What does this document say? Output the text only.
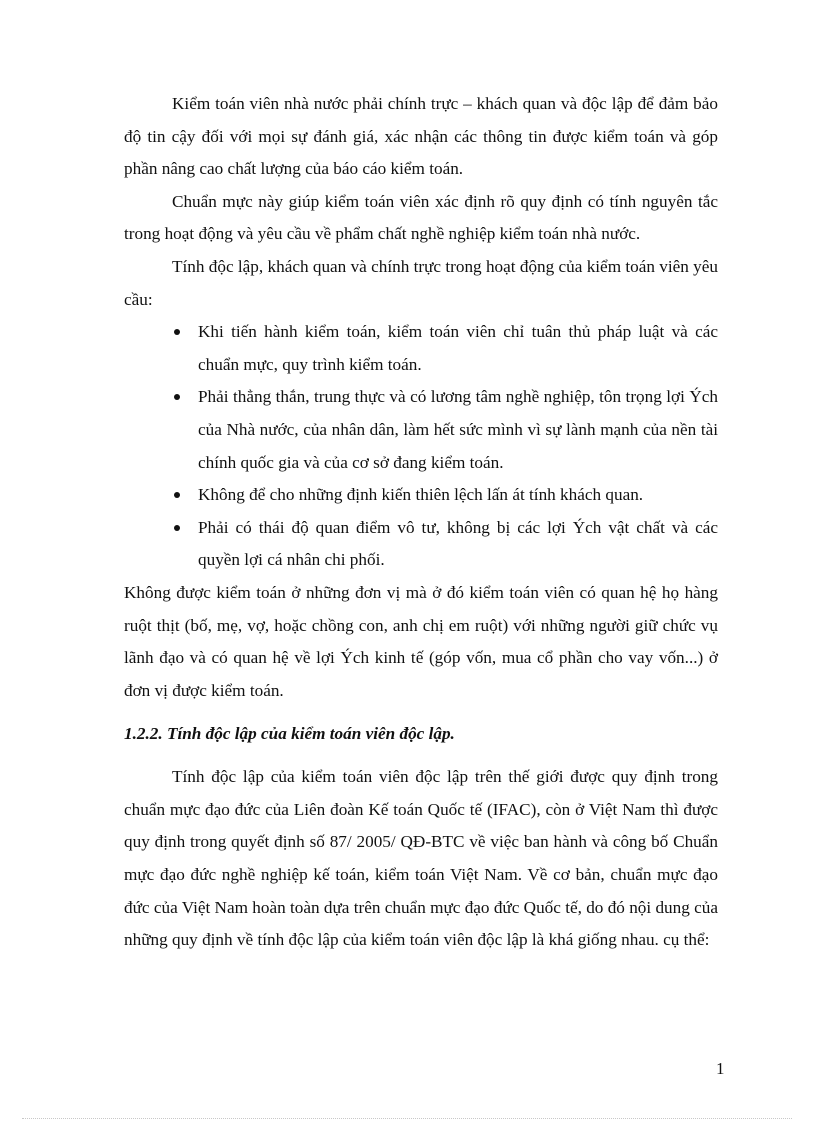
Kiểm toán viên nhà nước phải chính trực – khách quan và độc lập để đảm bảo độ tin cậy đối với mọi sự đánh giá, xác nhận các thông tin được kiểm toán và góp phần nâng cao chất lượng của báo cáo kiểm toán.

Chuẩn mực này giúp kiểm toán viên xác định rõ quy định có tính nguyên tắc trong hoạt động và yêu cầu về phẩm chất nghề nghiệp kiểm toán nhà nước.

Tính độc lập, khách quan và chính trực trong hoạt động của kiểm toán viên yêu cầu:

Khi tiến hành kiểm toán, kiểm toán viên chỉ tuân thủ pháp luật và các chuẩn mực, quy trình kiểm toán.
Phải thẳng thắn, trung thực và có lương tâm nghề nghiệp, tôn trọng lợi Ých của Nhà nước, của nhân dân, làm hết sức mình vì sự lành mạnh của nền tài chính quốc gia và của cơ sở đang kiểm toán.
Không để cho những định kiến thiên lệch lấn át tính khách quan.
Phải có thái độ quan điểm vô tư, không bị các lợi Ých vật chất và các quyền lợi cá nhân chi phối.

Không được kiểm toán ở những đơn vị mà ở đó kiểm toán viên có quan hệ họ hàng ruột thịt (bố, mẹ, vợ, hoặc chồng con, anh chị em ruột) với những người giữ chức vụ lãnh đạo và có quan hệ về lợi Ých kinh tế (góp vốn, mua cổ phần cho vay vốn...) ở đơn vị được kiểm toán.

1.2.2. Tính độc lập của kiểm toán viên độc lập.

Tính độc lập của kiểm toán viên độc lập trên thế giới được quy định trong chuẩn mực đạo đức của Liên đoàn Kế toán Quốc tế (IFAC), còn ở Việt Nam thì được quy định trong quyết định số 87/ 2005/ QĐ-BTC về việc ban hành và công bố Chuẩn mực đạo đức nghề nghiệp kế toán, kiểm toán Việt Nam. Về cơ bản, chuẩn mực đạo đức của Việt Nam hoàn toàn dựa trên chuẩn mực đạo đức Quốc tế, do đó nội dung của những quy định về tính độc lập của kiểm toán viên độc lập là khá giống nhau. cụ thể:

1
